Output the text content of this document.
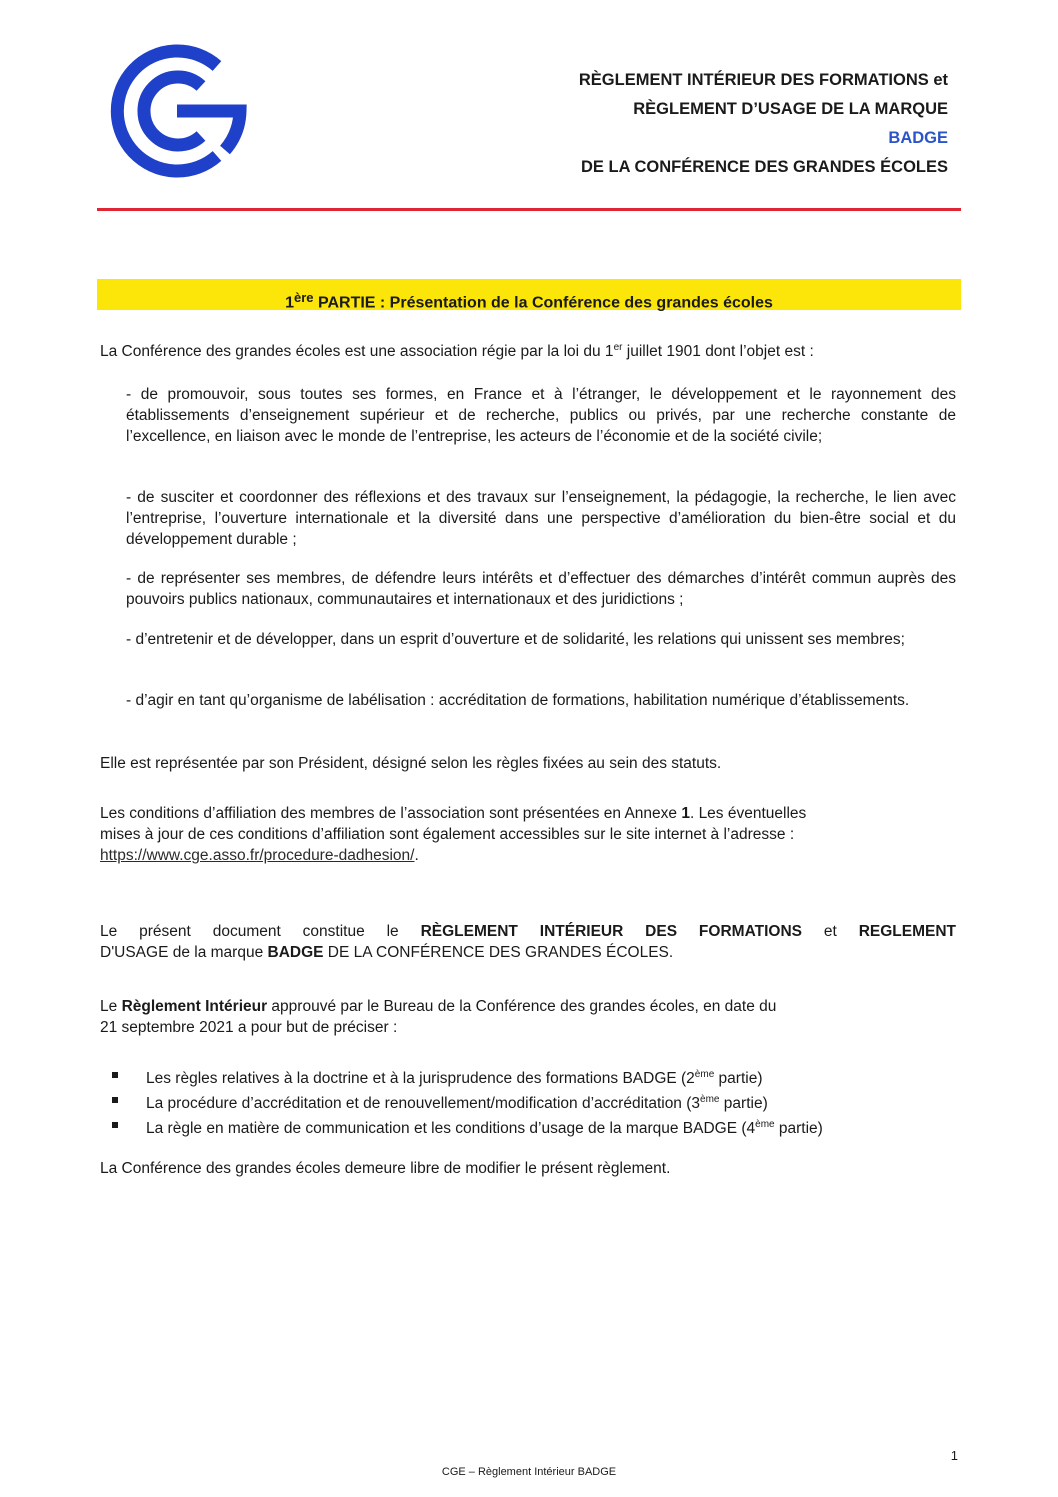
RÈGLEMENT INTÉRIEUR DES FORMATIONS et
RÈGLEMENT D’USAGE DE LA MARQUE
BADGE
DE LA CONFÉRENCE DES GRANDES ÉCOLES
1ère PARTIE : Présentation de la Conférence des grandes écoles
La Conférence des grandes écoles est une association régie par la loi du 1er juillet 1901 dont l’objet est :
- de promouvoir, sous toutes ses formes, en France et à l’étranger, le développement et le rayonnement des établissements d’enseignement supérieur et de recherche, publics ou privés, par une recherche constante de l’excellence, en liaison avec le monde de l’entreprise, les acteurs de l’économie et de la société civile;
- de susciter et coordonner des réflexions et des travaux sur l’enseignement, la pédagogie, la recherche, le lien avec l’entreprise, l’ouverture internationale et la diversité dans une perspective d’amélioration du bien-être social et du développement durable ;
- de représenter ses membres, de défendre leurs intérêts et d’effectuer des démarches d’intérêt commun auprès des pouvoirs publics nationaux, communautaires et internationaux et des juridictions ;
- d’entretenir et de développer, dans un esprit d’ouverture et de solidarité, les relations qui unissent ses membres;
- d’agir en tant qu’organisme de labélisation : accréditation de formations, habilitation numérique d’établissements.
Elle est représentée par son Président, désigné selon les règles fixées au sein des statuts.
Les conditions d’affiliation des membres de l’association sont présentées en Annexe 1. Les éventuelles
mises à jour de ces conditions d’affiliation sont également accessibles sur le site internet à l’adresse :
https://www.cge.asso.fr/procedure-dadhesion/.
Le présent document constitue le RÈGLEMENT INTÉRIEUR DES FORMATIONS et REGLEMENT
D'USAGE de la marque BADGE DE LA CONFÉRENCE DES GRANDES ÉCOLES.
Le Règlement Intérieur approuvé par le Bureau de la Conférence des grandes écoles, en date du
21 septembre 2021 a pour but de préciser :
Les règles relatives à la doctrine et à la jurisprudence des formations BADGE (2ème partie)
La procédure d’accréditation et de renouvellement/modification d’accréditation (3ème partie)
La règle en matière de communication et les conditions d’usage de la marque BADGE (4ème partie)
La Conférence des grandes écoles demeure libre de modifier le présent règlement.
1
CGE – Règlement Intérieur BADGE
